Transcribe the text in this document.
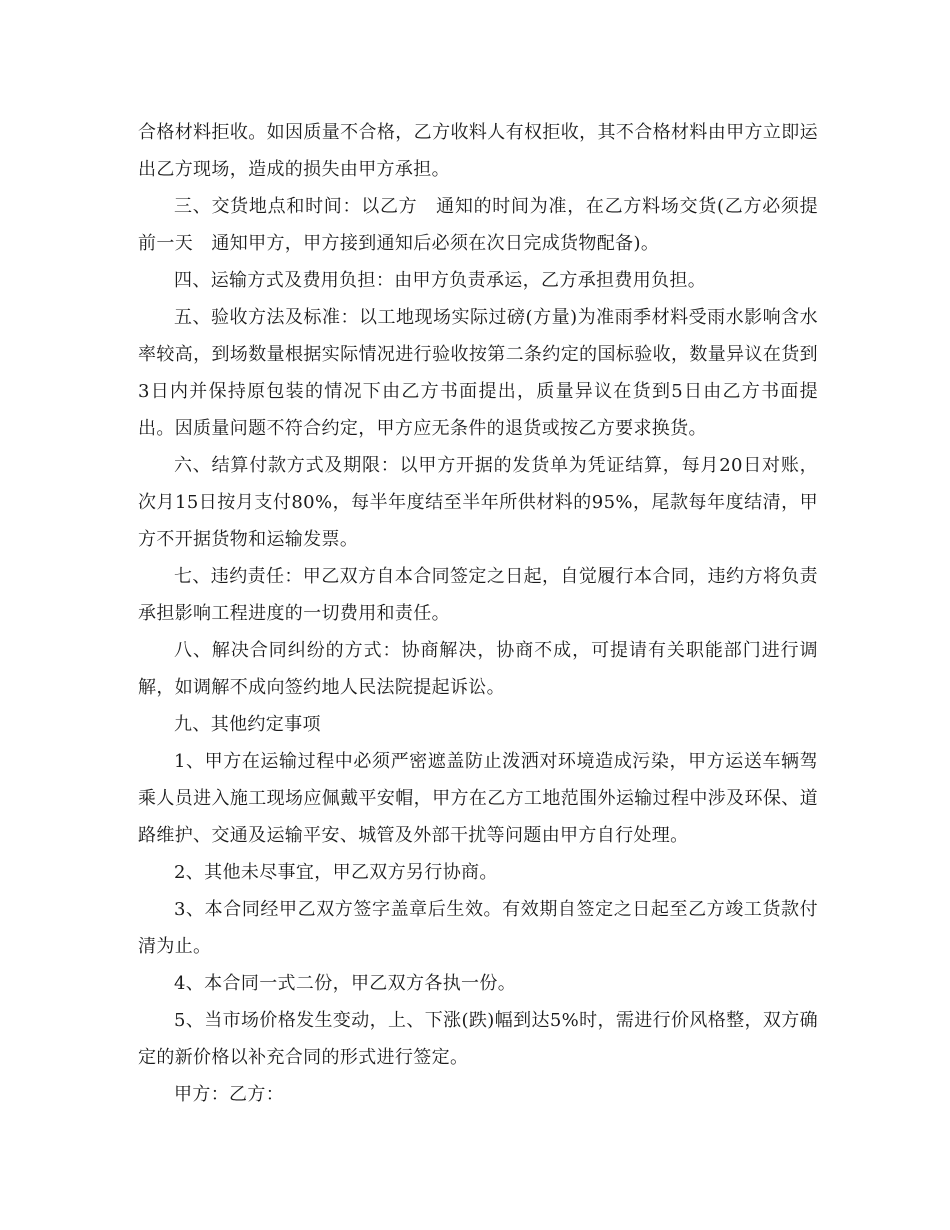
合格材料拒收。如因质量不合格，乙方收料人有权拒收，其不合格材料由甲方立即运出乙方现场，造成的损失由甲方承担。

三、交货地点和时间：以乙方　通知的时间为准，在乙方料场交货(乙方必须提前一天　通知甲方，甲方接到通知后必须在次日完成货物配备)。

四、运输方式及费用负担：由甲方负责承运，乙方承担费用负担。

五、验收方法及标准：以工地现场实际过磅(方量)为准雨季材料受雨水影响含水率较高，到场数量根据实际情况进行验收按第二条约定的国标验收，数量异议在货到3日内并保持原包装的情况下由乙方书面提出，质量异议在货到5日由乙方书面提出。因质量问题不符合约定，甲方应无条件的退货或按乙方要求换货。

六、结算付款方式及期限：以甲方开据的发货单为凭证结算，每月20日对账，次月15日按月支付80%，每半年度结至半年所供材料的95%，尾款每年度结清，甲方不开据货物和运输发票。

七、违约责任：甲乙双方自本合同签定之日起，自觉履行本合同，违约方将负责承担影响工程进度的一切费用和责任。

八、解决合同纠纷的方式：协商解决，协商不成，可提请有关职能部门进行调解，如调解不成向签约地人民法院提起诉讼。

九、其他约定事项

1、甲方在运输过程中必须严密遮盖防止泼洒对环境造成污染，甲方运送车辆驾乘人员进入施工现场应佩戴平安帽，甲方在乙方工地范围外运输过程中涉及环保、道路维护、交通及运输平安、城管及外部干扰等问题由甲方自行处理。

2、其他未尽事宜，甲乙双方另行协商。

3、本合同经甲乙双方签字盖章后生效。有效期自签定之日起至乙方竣工货款付清为止。

4、本合同一式二份，甲乙双方各执一份。

5、当市场价格发生变动，上、下涨(跌)幅到达5%时，需进行价风格整，双方确定的新价格以补充合同的形式进行签定。

甲方：乙方：
